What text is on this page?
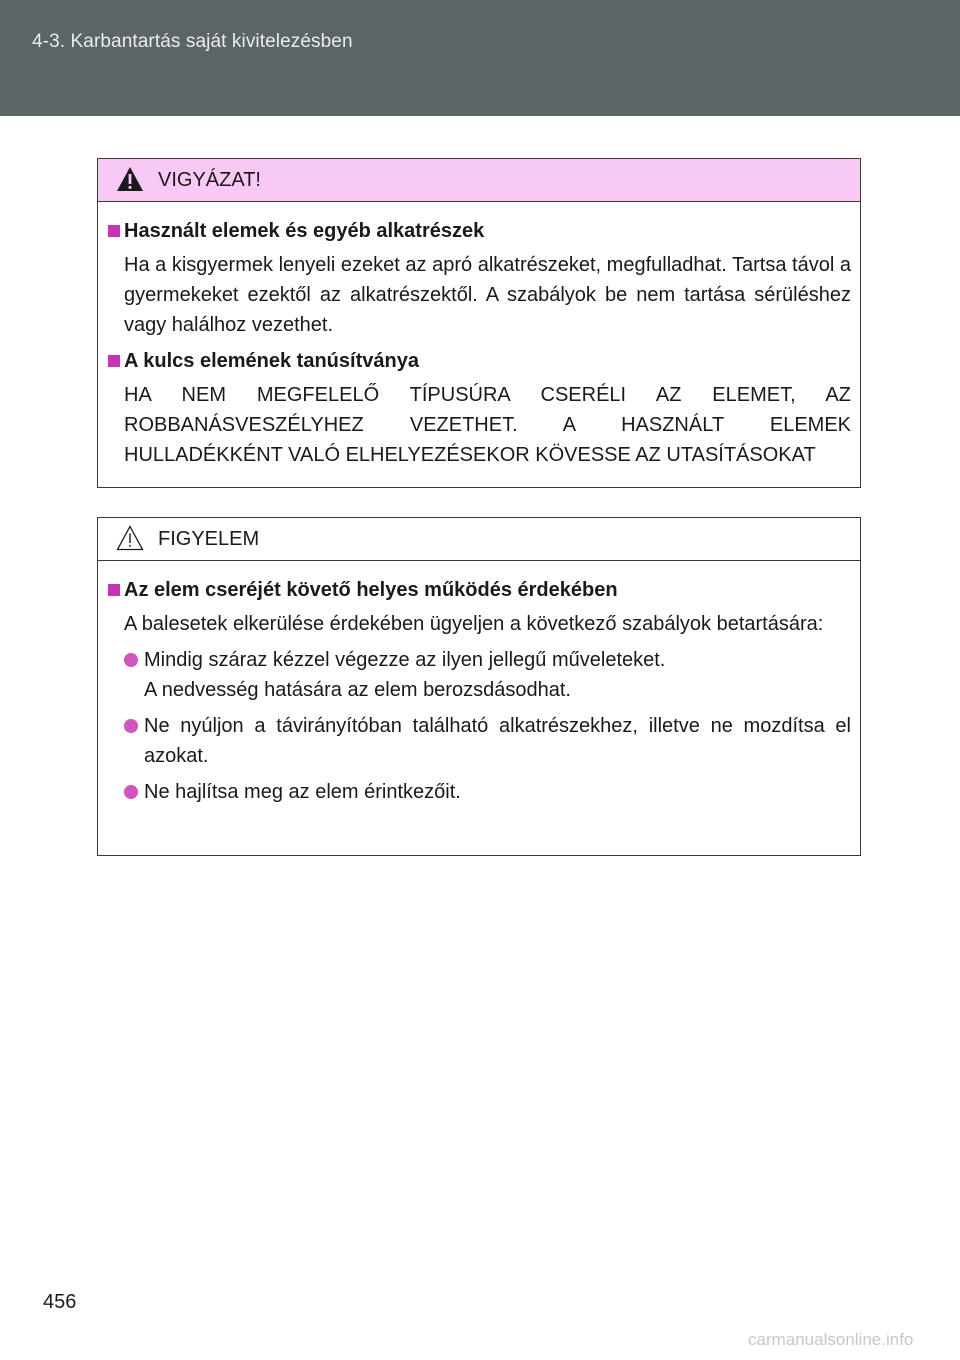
4-3. Karbantartás saját kivitelezésben
VIGYÁZAT!
Használt elemek és egyéb alkatrészek
Ha a kisgyermek lenyeli ezeket az apró alkatrészeket, megfulladhat. Tartsa távol a gyermekeket ezektől az alkatrészektől. A szabályok be nem tartása sérüléshez vagy halálhoz vezethet.
A kulcs elemének tanúsítványa
HA NEM MEGFELELŐ TÍPUSÚRA CSERÉLI AZ ELEMET, AZ ROBBANÁSVESZÉLYHEZ VEZETHET. A HASZNÁLT ELEMEK HULLADÉKKÉNT VALÓ ELHELYEZÉSEKOR KÖVESSE AZ UTASÍTÁSOKAT
FIGYELEM
Az elem cseréjét követő helyes működés érdekében
A balesetek elkerülése érdekében ügyeljen a következő szabályok betartására:
Mindig száraz kézzel végezze az ilyen jellegű műveleteket.
A nedvesség hatására az elem berozsdásodhat.
Ne nyúljon a távirányítóban található alkatrészekhez, illetve ne mozdítsa el azokat.
Ne hajlítsa meg az elem érintkezőit.
456
carmanualsonline.info
